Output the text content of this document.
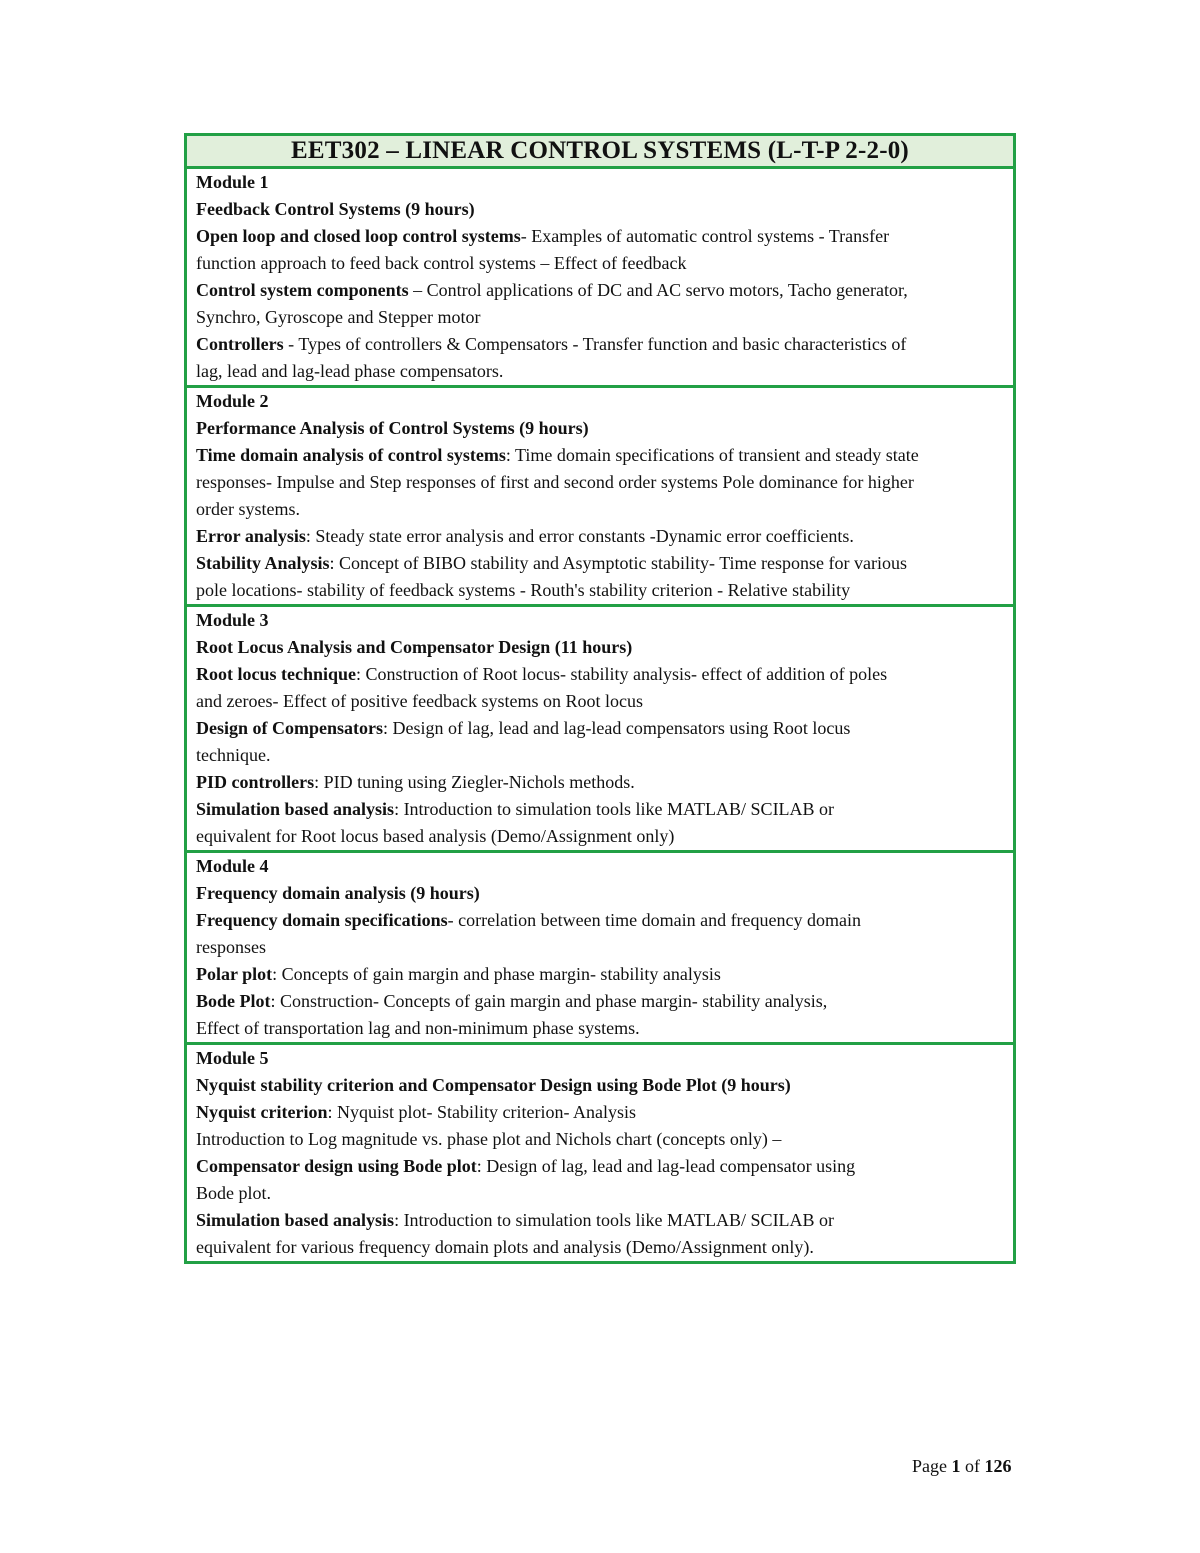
EET302 – LINEAR CONTROL SYSTEMS (L-T-P 2-2-0)

Module 1
Feedback Control Systems (9 hours)
Open loop and closed loop control systems- Examples of automatic control systems - Transfer
function approach to feed back control systems – Effect of feedback
Control system components – Control applications of DC and AC servo motors, Tacho generator,
Synchro, Gyroscope and Stepper motor
Controllers - Types of controllers & Compensators - Transfer function and basic characteristics of
lag, lead and lag-lead phase compensators.

Module 2
Performance Analysis of Control Systems (9 hours)
Time domain analysis of control systems: Time domain specifications of transient and steady state
responses- Impulse and Step responses of first and second order systems Pole dominance for higher
order systems.
Error analysis: Steady state error analysis and error constants -Dynamic error coefficients.
Stability Analysis: Concept of BIBO stability and Asymptotic stability- Time response for various
pole locations- stability of feedback systems - Routh's stability criterion - Relative stability

Module 3
Root Locus Analysis and Compensator Design (11 hours)
Root locus technique: Construction of Root locus- stability analysis- effect of addition of poles
and zeroes- Effect of positive feedback systems on Root locus
Design of Compensators: Design of lag, lead and lag-lead compensators using Root locus
technique.
PID controllers: PID tuning using Ziegler-Nichols methods.
Simulation based analysis: Introduction to simulation tools like MATLAB/ SCILAB or
equivalent for Root locus based analysis (Demo/Assignment only)

Module 4
Frequency domain analysis (9 hours)
Frequency domain specifications- correlation between time domain and frequency domain
responses
Polar plot: Concepts of gain margin and phase margin- stability analysis
Bode Plot: Construction- Concepts of gain margin and phase margin- stability analysis,
Effect of transportation lag and non-minimum phase systems.

Module 5
Nyquist stability criterion and Compensator Design using Bode Plot (9 hours)
Nyquist criterion: Nyquist plot- Stability criterion- Analysis
Introduction to Log magnitude vs. phase plot and Nichols chart (concepts only) –
Compensator design using Bode plot: Design of lag, lead and lag-lead compensator using
Bode plot.
Simulation based analysis: Introduction to simulation tools like MATLAB/ SCILAB or
equivalent for various frequency domain plots and analysis (Demo/Assignment only).
Page 1 of 126
